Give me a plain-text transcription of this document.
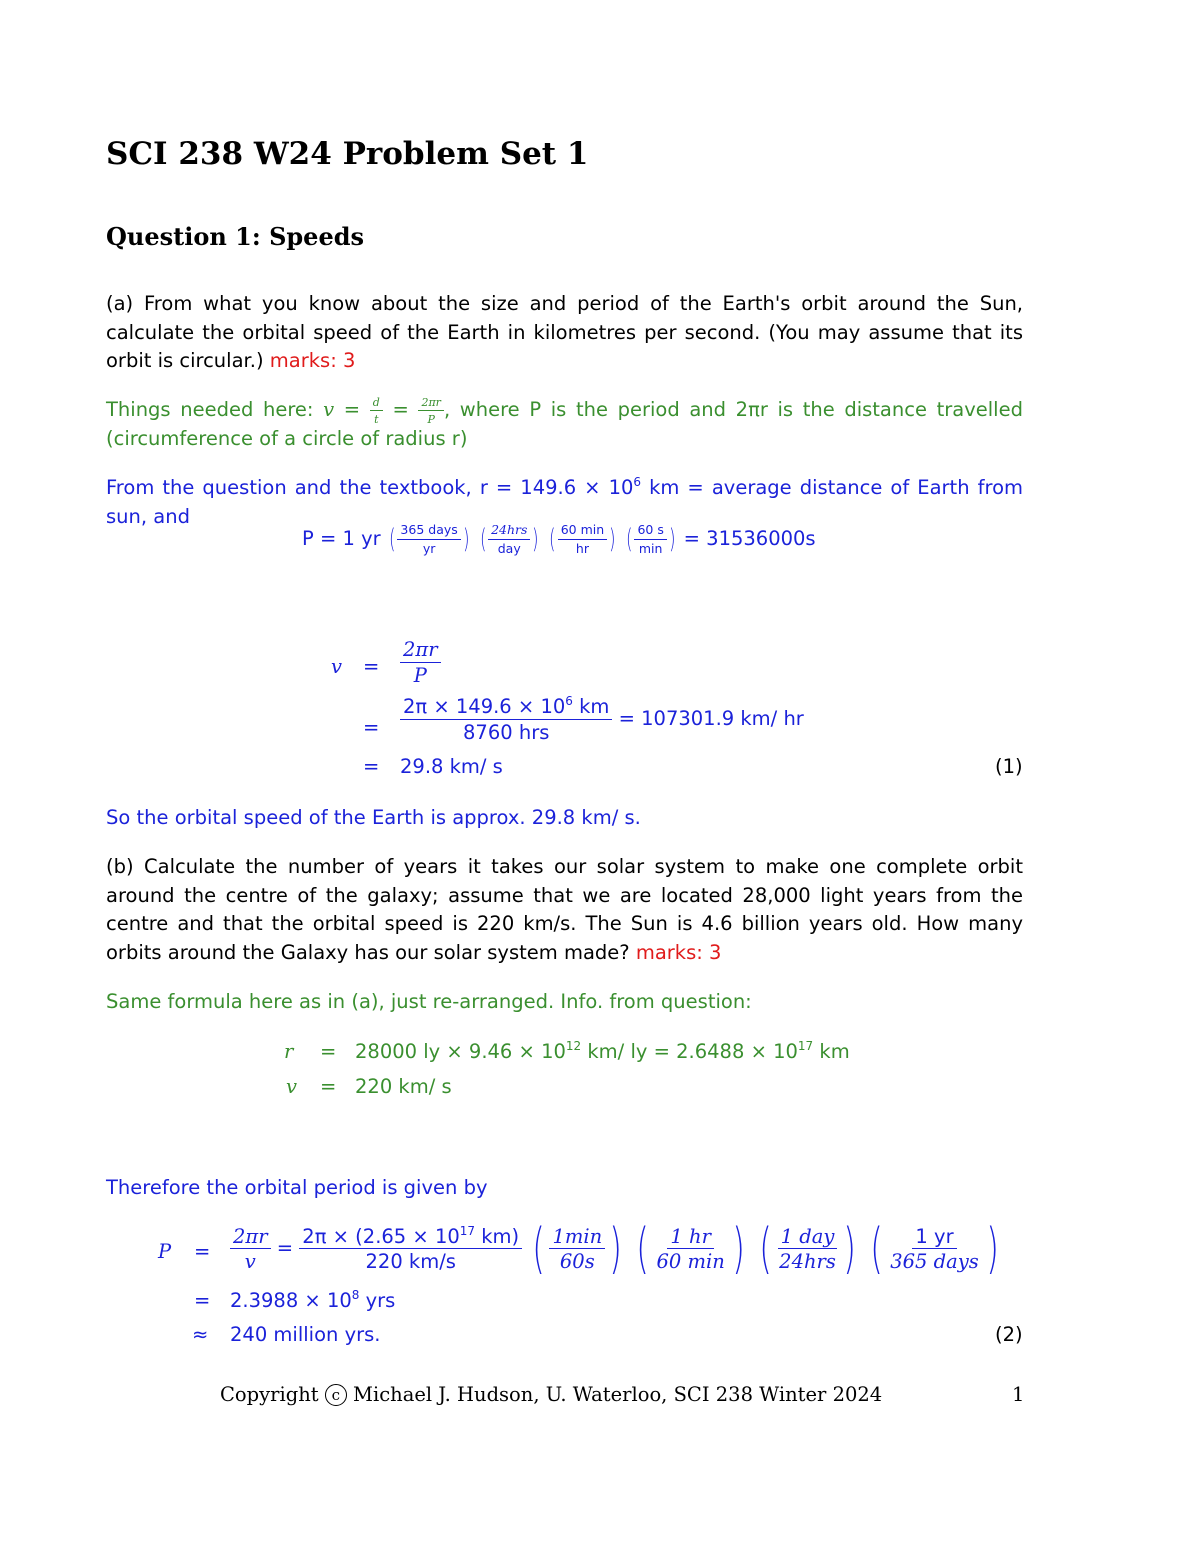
SCI 238 W24 Problem Set 1
Question 1: Speeds
(a) From what you know about the size and period of the Earth's orbit around the Sun, calculate the orbital speed of the Earth in kilometres per second. (You may assume that its orbit is circular.) marks: 3
Things needed here: $v = \frac{d}{t} = \frac{2\pi r}{P}$ , where P is the period and 2πr is the distance travelled (circumference of a circle of radius r)
From the question and the textbook, $r = 149.6 \times 10^6$ km = average distance of Earth from sun, and
P = 1 yr ( $\frac{\text{365 days}}{yr}$ ) ( $\frac{\text{24hrs}}{\text{day}}$ ) ( $\frac{60 \min}{hr}$ ) ( $\frac{60 s}{\min}$ ) = 31536000s
$v = \frac{2\pi r}{P}$
= $\frac{2\pi \times 149.6 \times 10^6 km}{\text{8760 hrs}} = 107301.9$ km/ hr
= 29.8 km/ s	(1)
So the orbital speed of the Earth is approx. 29.8 km/ s.
(b) Calculate the number of years it takes our solar system to make one complete orbit around the centre of the galaxy; assume that we are located 28,000 light years from the centre and that the orbital speed is 220 km/s. The Sun is 4.6 billion years old. How many orbits around the Galaxy has our solar system made? marks: 3
Same formula here as in (a), just re-arranged. Info. from question:
r = 28000 ly × $9.46 \times 10^{12}$ km/ ly = $2.6488 \times 10^{17}$ km
v = 220 km/ s
Therefore the orbital period is given by
$P = \frac{2\pi r}{v} = \frac{2\pi \times (2.65 \times 10^{17} km)}{220 km/s}$ ( $\frac{1\min}{60s}$ ) ( $\frac{1 hr}{60 \min}$ ) ( $\frac{\text{1 day}}{\text{24hrs}}$ ) ( $\frac{1 yr}{\text{365 days}}$ )
= $2.3988 \times 10^8$ yrs
≈ 240 million yrs.	(2)
Copyright c Michael J. Hudson, U. Waterloo, SCI 238 Winter 2024	1
